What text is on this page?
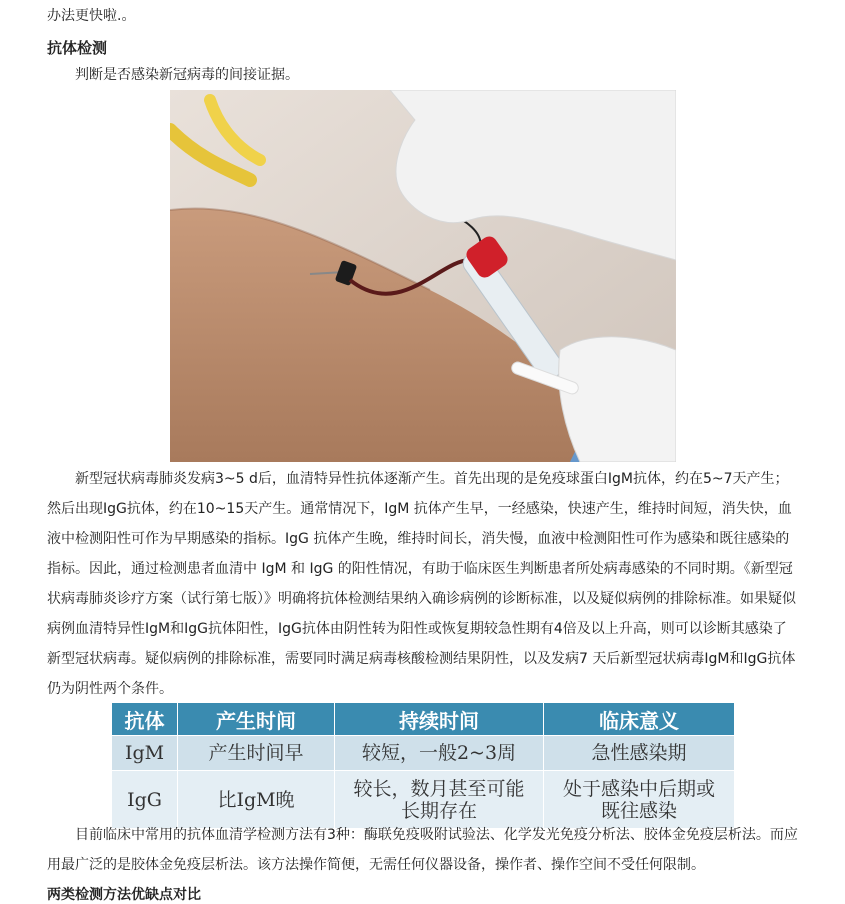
办法更快啦.。
抗体检测
判断是否感染新冠病毒的间接证据。

新型冠状病毒肺炎发病3~5 d后，血清特异性抗体逐渐产生。首先出现的是免疫球蛋白IgM抗体，约在5~7天产生；然后出现IgG抗体，约在10~15天产生。通常情况下，IgM 抗体产生早，一经感染，快速产生，维持时间短，消失快，血液中检测阳性可作为早期感染的指标。IgG 抗体产生晚，维持时间长，消失慢，血液中检测阳性可作为感染和既往感染的指标。因此，通过检测患者血清中 IgM 和 IgG 的阳性情况，有助于临床医生判断患者所处病毒感染的不同时期。《新型冠状病毒肺炎诊疗方案（试行第七版）》明确将抗体检测结果纳入确诊病例的诊断标准，以及疑似病例的排除标准。如果疑似病例血清特异性IgM和IgG抗体阳性，IgG抗体由阴性转为阳性或恢复期较急性期有4倍及以上升高，则可以诊断其感染了新型冠状病毒。疑似病例的排除标准，需要同时满足病毒核酸检测结果阴性，以及发病7 天后新型冠状病毒IgM和IgG抗体仍为阴性两个条件。

抗体	产生时间	持续时间	临床意义
IgM	产生时间早	较短，一般2~3周	急性感染期
IgG	比IgM晚	较长，数月甚至可能长期存在	处于感染中后期或既往感染

目前临床中常用的抗体血清学检测方法有3种：酶联免疫吸附试验法、化学发光免疫分析法、胶体金免疫层析法。而应用最广泛的是胶体金免疫层析法。该方法操作简便，无需任何仪器设备，操作者、操作空间不受任何限制。

两类检测方法优缺点对比
